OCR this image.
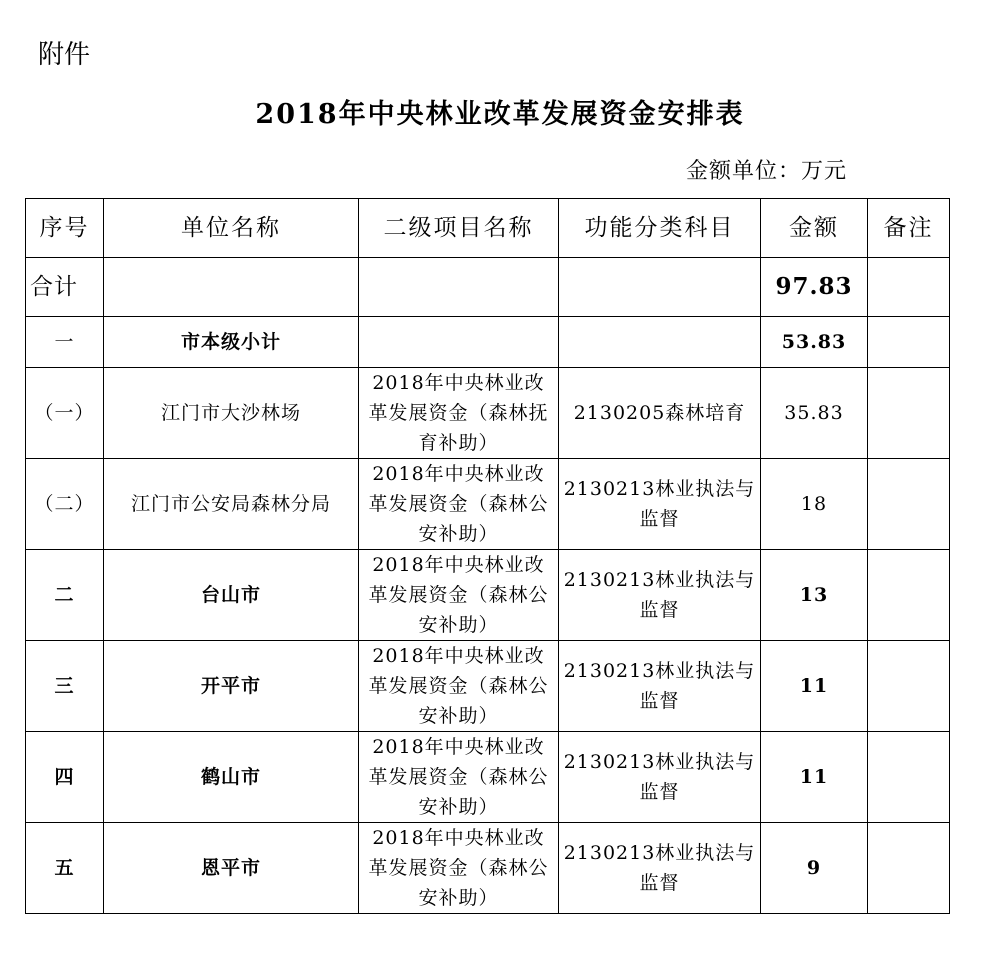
附件
2018年中央林业改革发展资金安排表
金额单位：万元
序号	单位名称	二级项目名称	功能分类科目	金额	备注
合计				97.83	
一	市本级小计			53.83	
（一）	江门市大沙林场	2018年中央林业改革发展资金（森林抚育补助）	2130205森林培育	35.83	
（二）	江门市公安局森林分局	2018年中央林业改革发展资金（森林公安补助）	2130213林业执法与监督	18	
二	台山市	2018年中央林业改革发展资金（森林公安补助）	2130213林业执法与监督	13	
三	开平市	2018年中央林业改革发展资金（森林公安补助）	2130213林业执法与监督	11	
四	鹤山市	2018年中央林业改革发展资金（森林公安补助）	2130213林业执法与监督	11	
五	恩平市	2018年中央林业改革发展资金（森林公安补助）	2130213林业执法与监督	9	
